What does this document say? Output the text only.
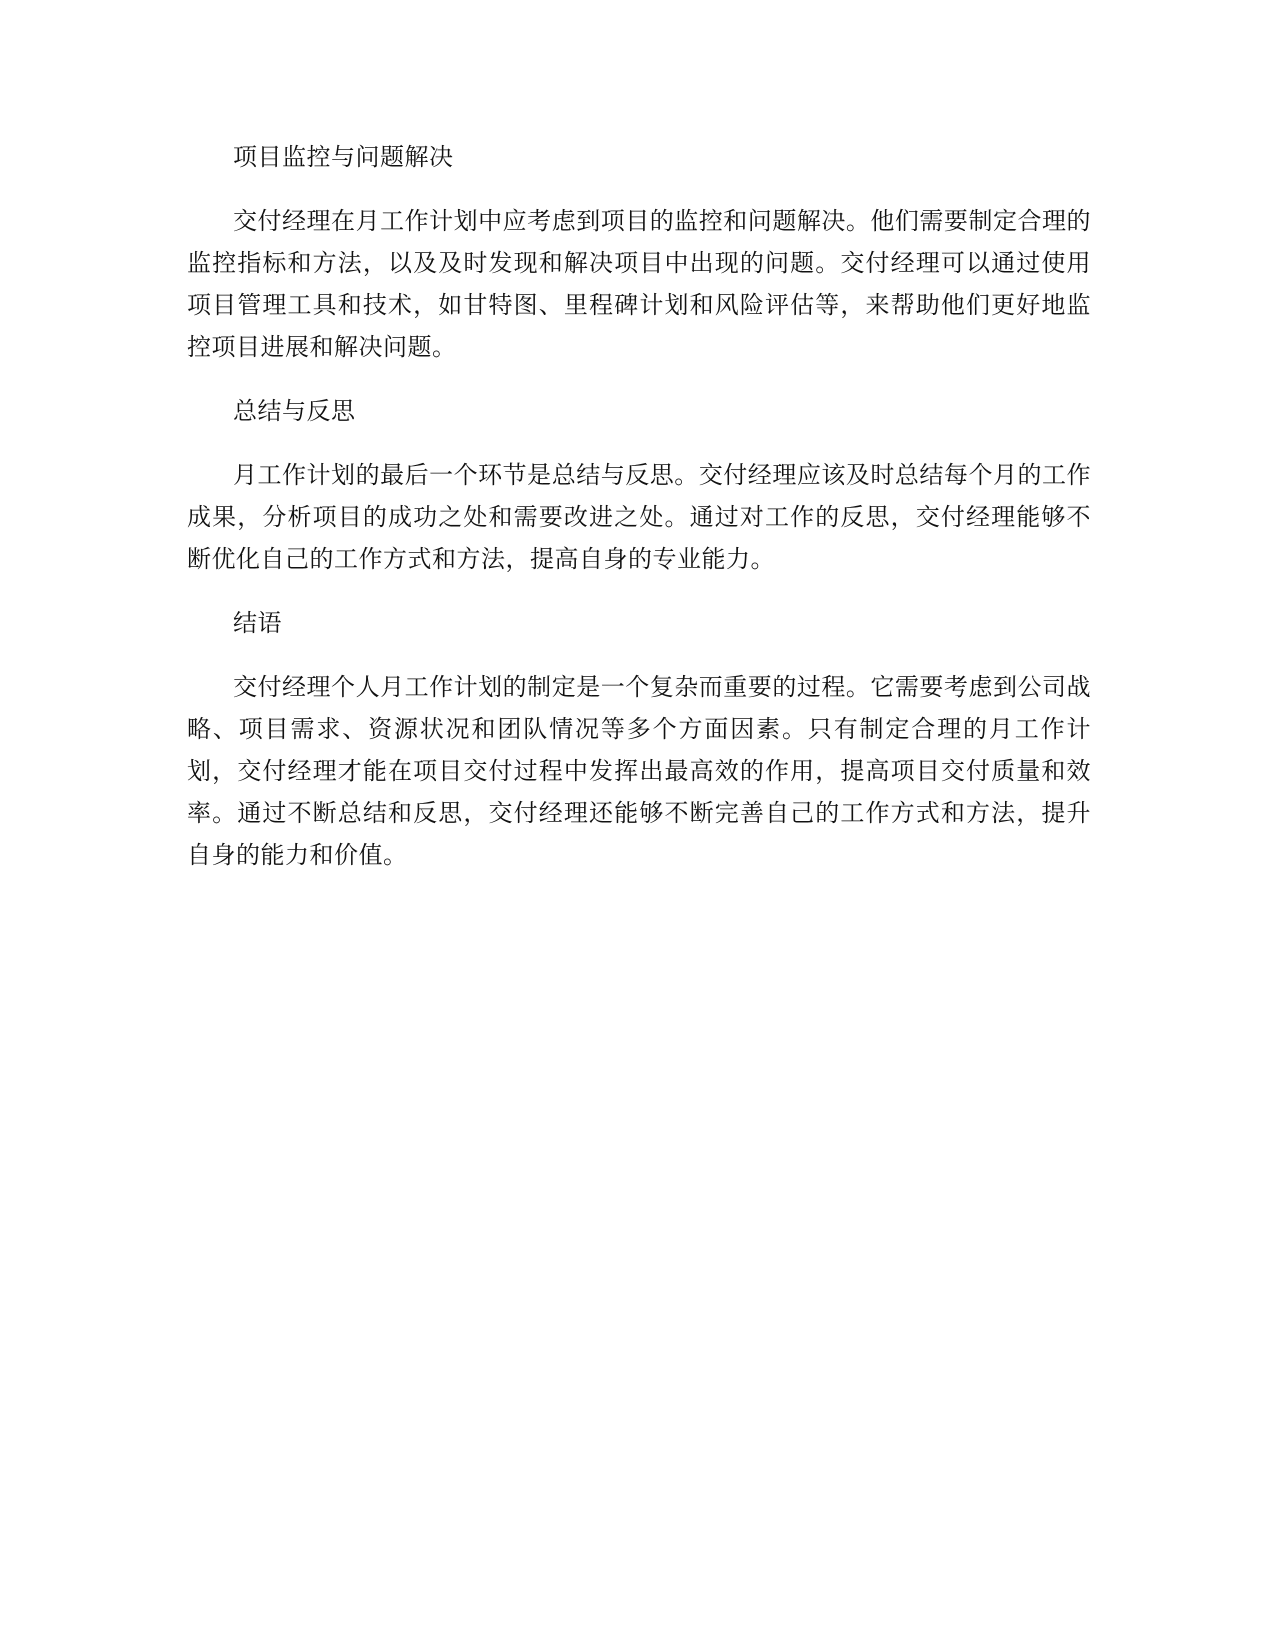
项目监控与问题解决

交付经理在月工作计划中应考虑到项目的监控和问题解决。他们需要制定合理的监控指标和方法，以及及时发现和解决项目中出现的问题。交付经理可以通过使用项目管理工具和技术，如甘特图、里程碑计划和风险评估等，来帮助他们更好地监控项目进展和解决问题。

总结与反思

月工作计划的最后一个环节是总结与反思。交付经理应该及时总结每个月的工作成果，分析项目的成功之处和需要改进之处。通过对工作的反思，交付经理能够不断优化自己的工作方式和方法，提高自身的专业能力。

结语

交付经理个人月工作计划的制定是一个复杂而重要的过程。它需要考虑到公司战略、项目需求、资源状况和团队情况等多个方面因素。只有制定合理的月工作计划，交付经理才能在项目交付过程中发挥出最高效的作用，提高项目交付质量和效率。通过不断总结和反思，交付经理还能够不断完善自己的工作方式和方法，提升自身的能力和价值。
